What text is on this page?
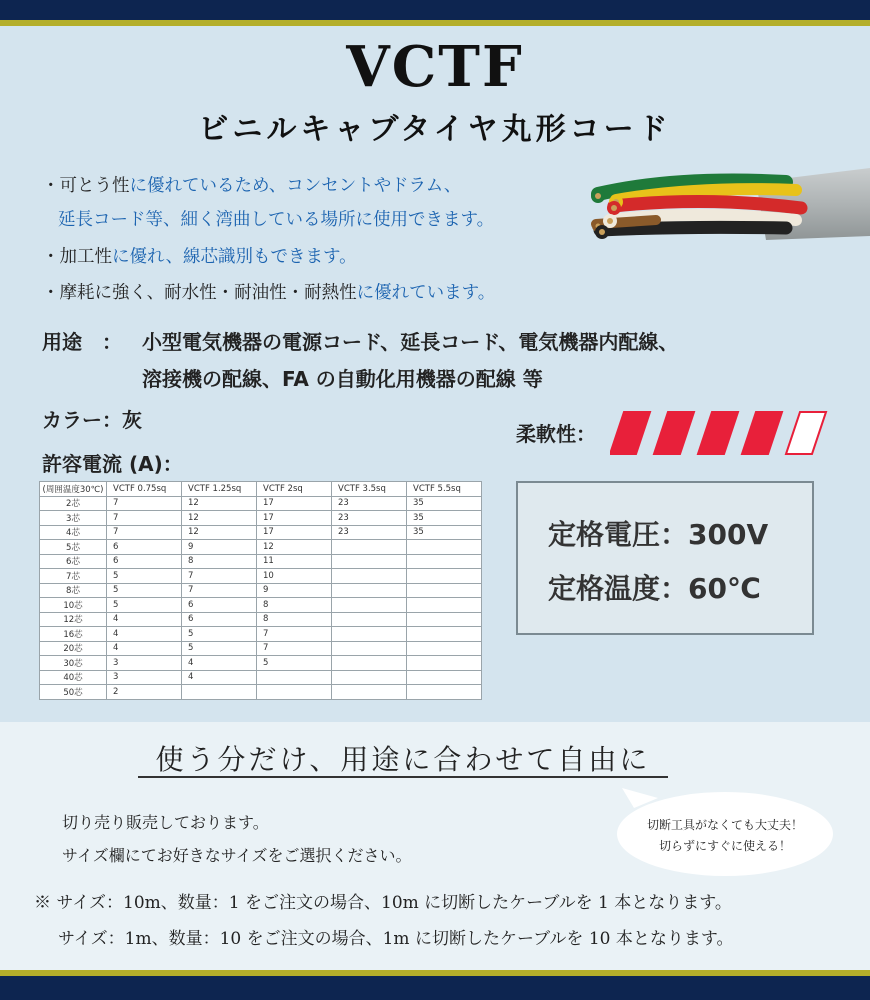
VCTF
ビニルキャブタイヤ丸形コード
・可とう性に優れているため、コンセントやドラム、
延長コード等、細く湾曲している場所に使用できます。
・加工性に優れ、線芯識別もできます。
・摩耗に強く、耐水性・耐油性・耐熱性に優れています。
用途　： 小型電気機器の電源コード、延長コード、電気機器内配線、
溶接機の配線、FA の自動化用機器の配線 等
カラー：灰
許容電流 (A)：
柔軟性：
(周囲温度30℃)	VCTF 0.75sq	VCTF 1.25sq	VCTF 2sq	VCTF 3.5sq	VCTF 5.5sq
2芯	7	12	17	23	35
3芯	7	12	17	23	35
4芯	7	12	17	23	35
5芯	6	9	12		
6芯	6	8	11		
7芯	5	7	10		
8芯	5	7	9		
10芯	5	6	8		
12芯	4	6	8		
16芯	4	5	7		
20芯	4	5	7		
30芯	3	4	5		
40芯	3	4			
50芯	2				
定格電圧：300V
定格温度：60℃
使う分だけ、用途に合わせて自由に
切り売り販売しております。
サイズ欄にてお好きなサイズをご選択ください。
切断工具がなくても大丈夫！
切らずにすぐに使える！
※ サイズ：10m、数量：1 をご注文の場合、10m に切断したケーブルを 1 本となります。
サイズ：1m、数量：10 をご注文の場合、1m に切断したケーブルを 10 本となります。
